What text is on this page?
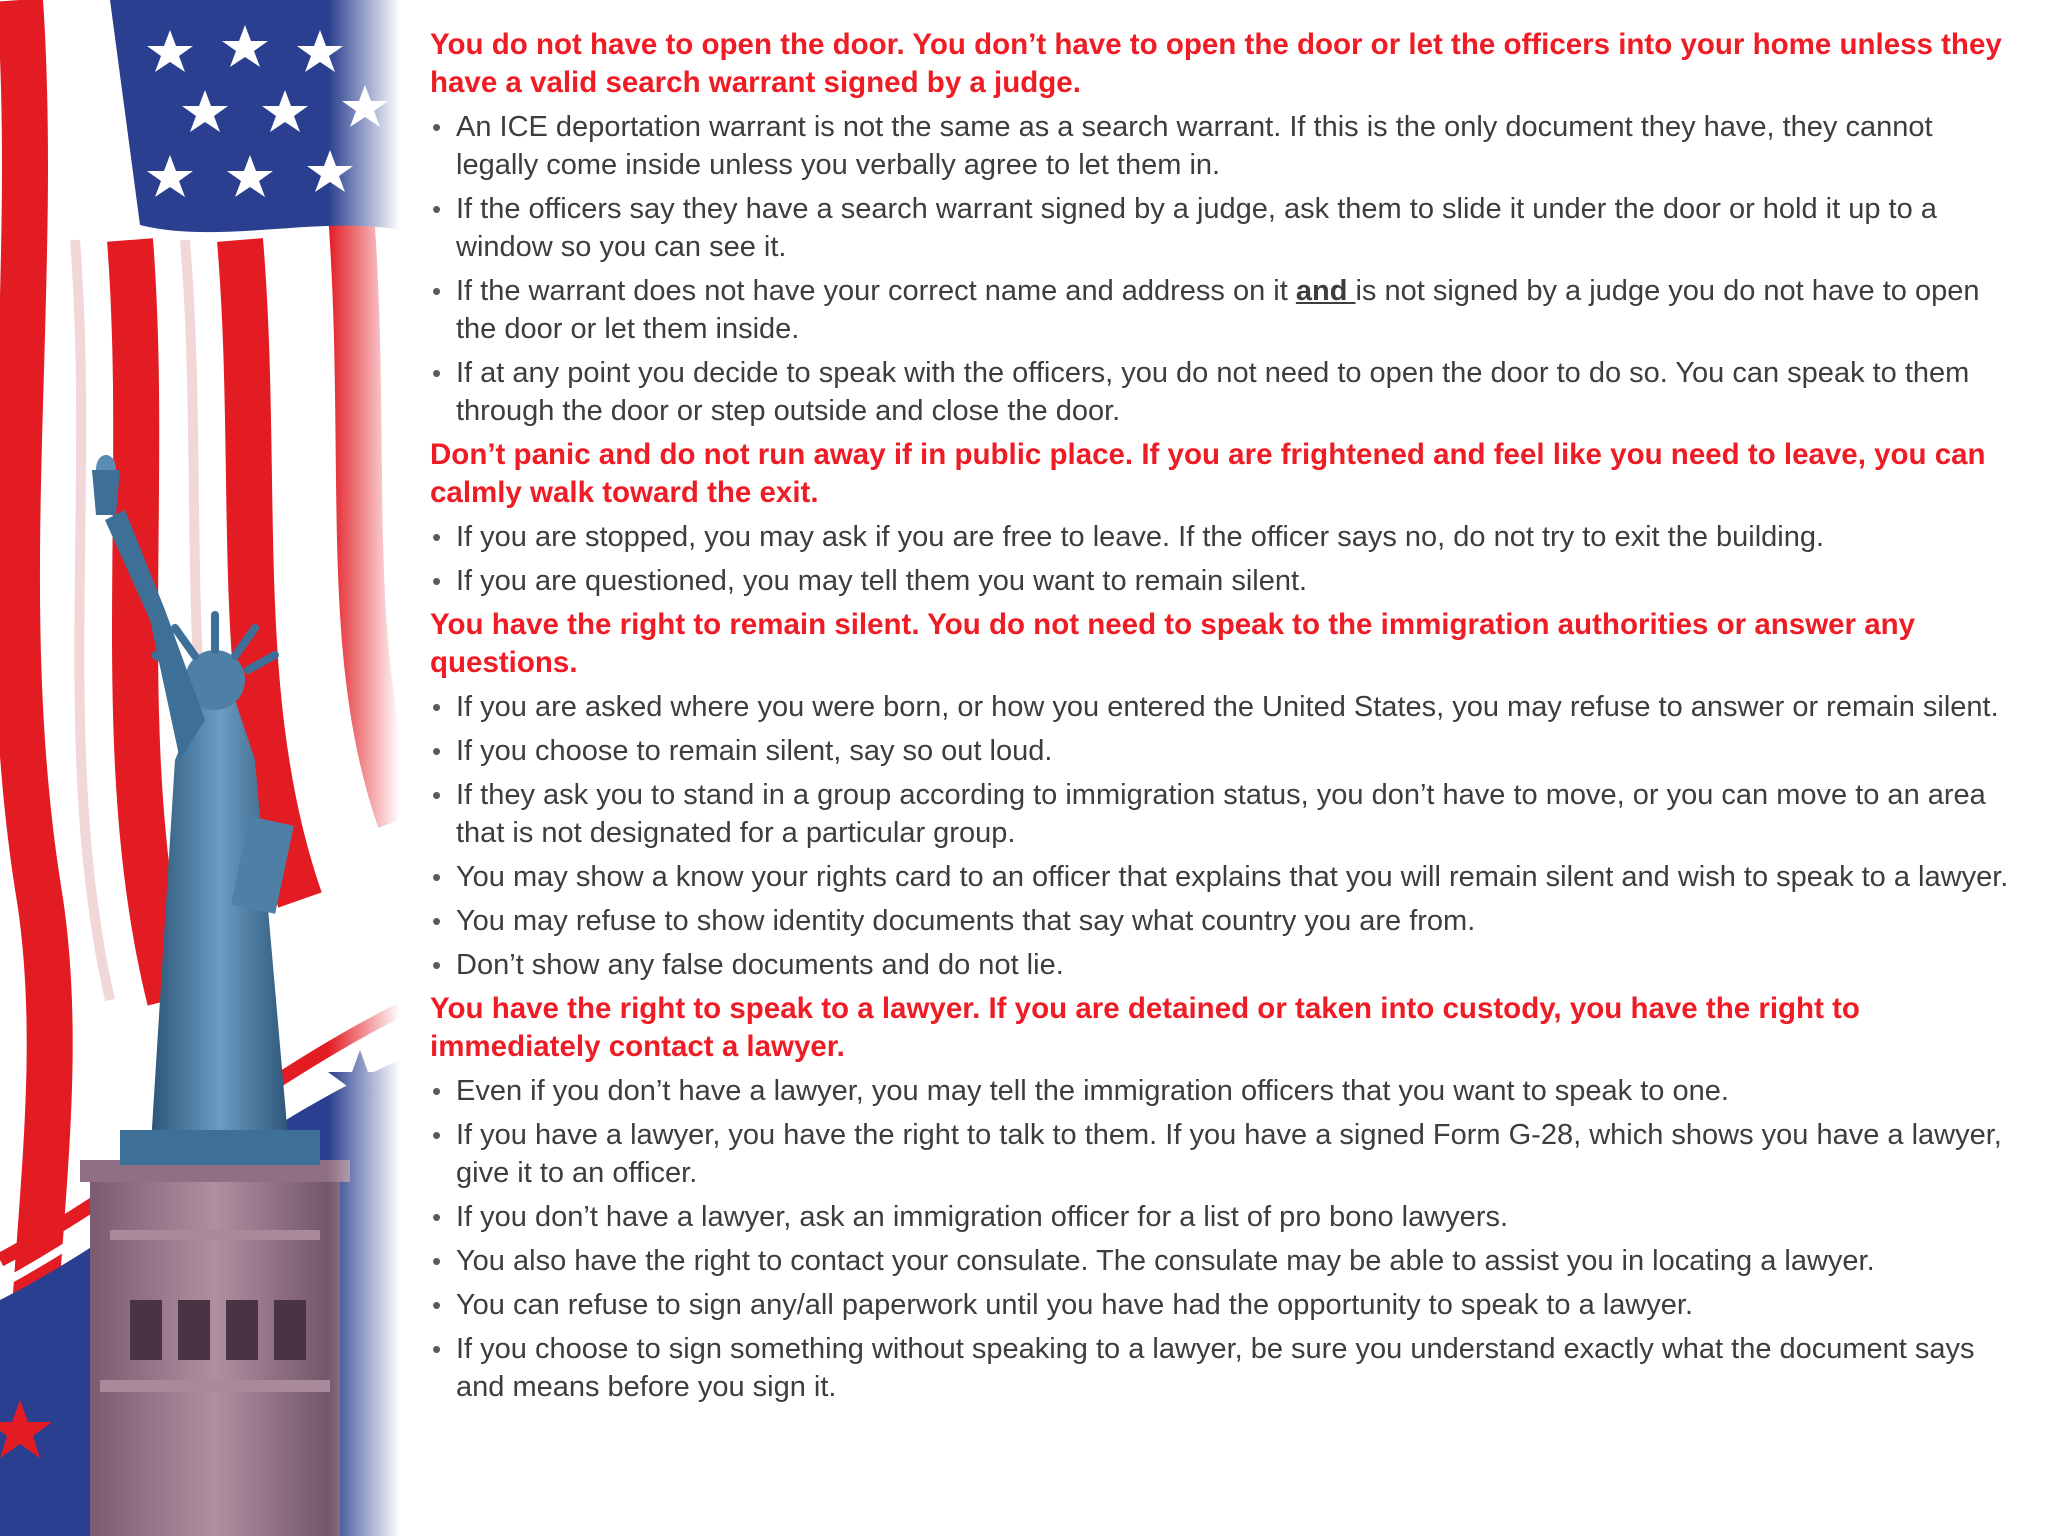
You do not have to open the door. You don’t have to open the door or let the officers into your home unless they have a valid search warrant signed by a judge.

• An ICE deportation warrant is not the same as a search warrant. If this is the only document they have, they cannot legally come inside unless you verbally agree to let them in.
• If the officers say they have a search warrant signed by a judge, ask them to slide it under the door or hold it up to a window so you can see it.
• If the warrant does not have your correct name and address on it and is not signed by a judge you do not have to open the door or let them inside.
• If at any point you decide to speak with the officers, you do not need to open the door to do so. You can speak to them through the door or step outside and close the door.

Don’t panic and do not run away if in public place. If you are frightened and feel like you need to leave, you can calmly walk toward the exit.

• If you are stopped, you may ask if you are free to leave. If the officer says no, do not try to exit the building.
• If you are questioned, you may tell them you want to remain silent.

You have the right to remain silent. You do not need to speak to the immigration authorities or answer any questions.

• If you are asked where you were born, or how you entered the United States, you may refuse to answer or remain silent.
• If you choose to remain silent, say so out loud.
• If they ask you to stand in a group according to immigration status, you don’t have to move, or you can move to an area that is not designated for a particular group.
• You may show a know your rights card to an officer that explains that you will remain silent and wish to speak to a lawyer.
• You may refuse to show identity documents that say what country you are from.
• Don’t show any false documents and do not lie.

You have the right to speak to a lawyer. If you are detained or taken into custody, you have the right to immediately contact a lawyer.

• Even if you don’t have a lawyer, you may tell the immigration officers that you want to speak to one.
• If you have a lawyer, you have the right to talk to them. If you have a signed Form G-28, which shows you have a lawyer, give it to an officer.
• If you don’t have a lawyer, ask an immigration officer for a list of pro bono lawyers.
• You also have the right to contact your consulate. The consulate may be able to assist you in locating a lawyer.
• You can refuse to sign any/all paperwork until you have had the opportunity to speak to a lawyer.
• If you choose to sign something without speaking to a lawyer, be sure you understand exactly what the document says and means before you sign it.
